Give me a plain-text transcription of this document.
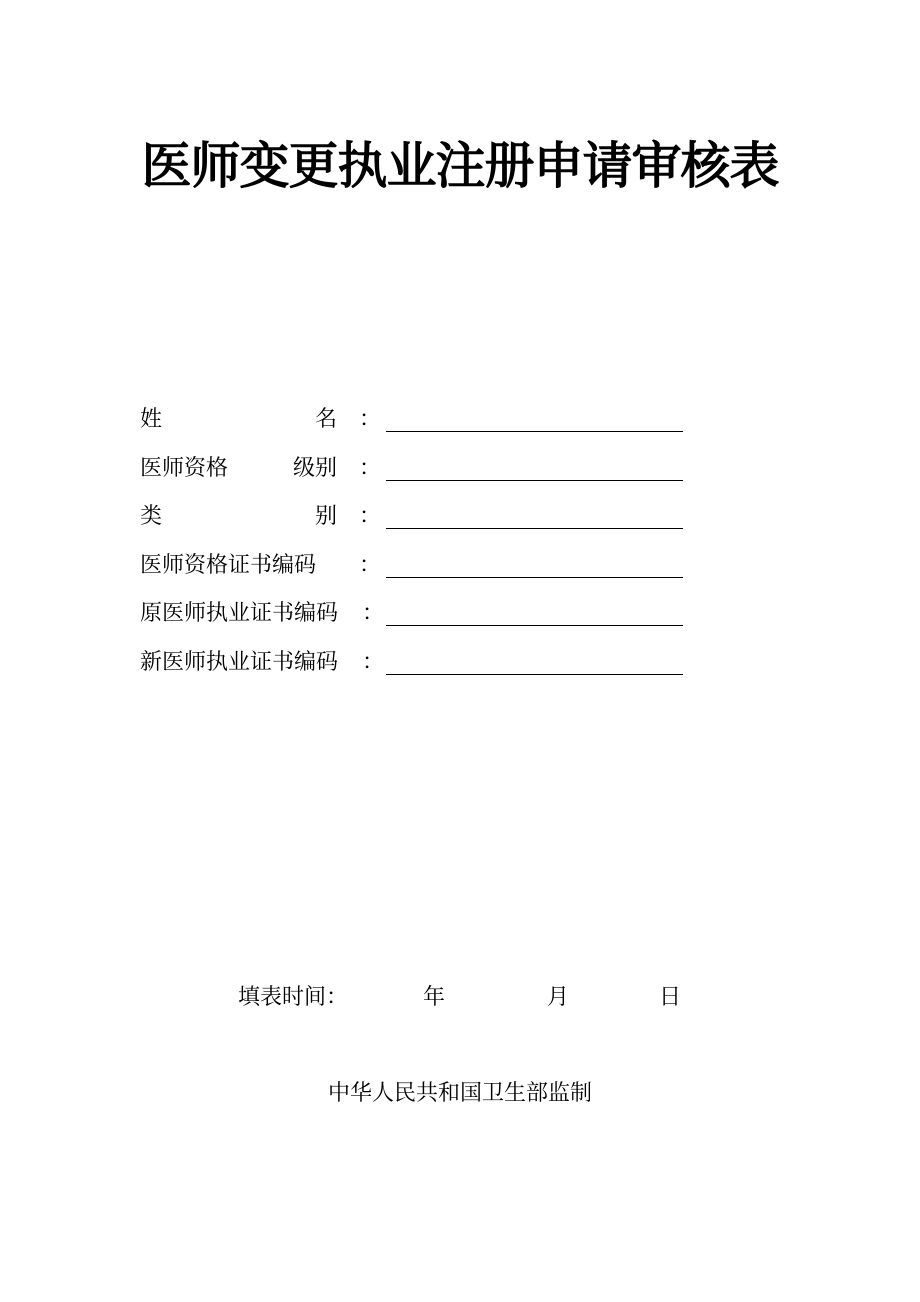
医师变更执业注册申请审核表
姓	名 ：
医师资格	级别 ：
类	别 ：
医师资格证书编码	：
原医师执业证书编码 ：
新医师执业证书编码 ：
填表时间：	年	月	日
中华人民共和国卫生部监制
